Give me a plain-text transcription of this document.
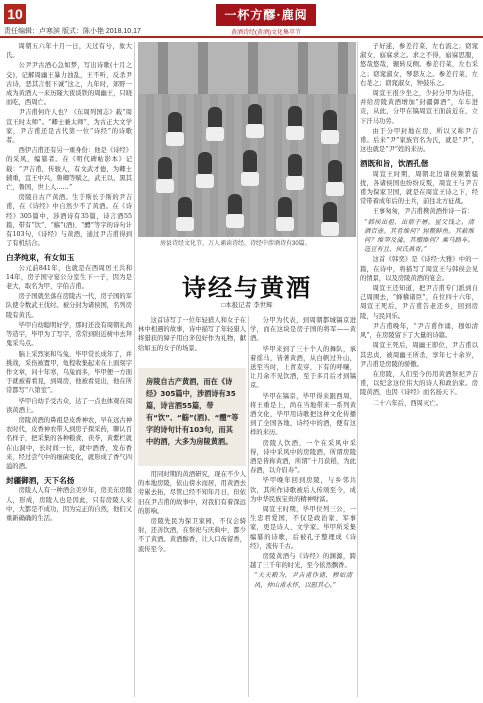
10
责任编辑：卢寒滨 版式：陈小艳 2018.10.17
一杯方醪·鹿阅
黄酒诗经(黄酒)文化集萃节

周朝五六年十月一日，天过有兮，象大氏。

公尹尹古酒心急如梦，写出诗歌(十月之交)，记解周幽王暴力浊乱，王不听，反杀尹古诗，恶其言恨下诚“这之，九年时，郊野一成为黄酒人一来历隆大夜谈铁的周幽王，只晓而吃，西周亡。

尹吉甫何许人也？《东周列国志》载“周宣王时太师”。“卿士兼太师”，为古正大文学家，尹吉甫还是古代第一位“诗经”的诗歌者。

西伊吉甫还有另一重身份：他是《诗经》的采风，编纂者。在《明代碑帖影本》记载：“尹吉甫，传骏人，有文武才德，为卿士辅重，宣王中兴，鲁卿等赋之，武王以，黑其亡，鲁国，世上人……”

房陵自古产黄酒。生于斯长于斯的尹吉甫，在《诗经》中自然少不了黄酒。在《诗经》305篇中，涉酒诗有35篇，诗言酒55篇，带有“饮”、“觞”(酒)、“醴”等字的诗句计有103句，《诗经》与黄酒，通过尹吉甫得到了有机结合。

白茅纯束，有女如玉

公元前841年，也就是在西周厉王共和14年，房子国守宴公分室生下一子，因为是老大，取名为甲，字伯吉甫。

房子国就坐落在房陵古一代，房子国的军队使令数武王伐纣。被分封为诸侯国，名列房陵有黄氏。

毕甲自幼聪明好学，那时还没有周朝礼尚等造字，毕甲为了写字，常常到附近树中去拜鬼采鸟点。

脑上采烈案和鸟兔，毕甲常长成年了，并挑战，采伤被置甲，龟程收集起来在上面刻字作文章，问十年寒，乌兔而多，毕甲便一方面于就被着看見，到周房，他被看見出，他在所常都写“八第室”。

毕甲自幼手受古众，达了一点也体观在阅读黄酒上。

房陵黄酒的鼻祖是皮香神农，早在远古神农时代，皮香神农带人到房子探采药，聊认百名样子，把采集的各种粮食，茯苓，黄紫栏就在山洞中，长时间一长，就中酒香，发布香来，经过尝气中的细菌变化，就形成了香气四溢的酒。

封疆御酒，天下名扬

房陵人人有一种酒会美岁年，房美东房陵人，形成，房陵人也是因此，只有房陵人来中，大都是不成功，因为完正的自然，他们又重新确确的生活。

房县诗经文化节，万人诵读诗经，诗经中涉酒诗有30篇。
诗经与黄酒
□本报记者 李世辉

这首诗写了一位年轻猎人和女子在林中相遇的故事，诗中描写了年轻猎人将猎获的獐子用白茅包好作为礼物，献给如玉的女子的场景。

房陵自古产黄酒，而在《诗经》305篇中，涉酒诗有35篇，诗言酒55篇，带有“饮”、“觞”(酒)、“醴”等字的诗句计有103句，而其中的酒，大多为房陵黄酒。

用同时期的黄酒研究，现在不少人的本地房陵，依山傍水而居，用黄酒去劳累去拓，尽管已经不知年月日，但依旧在尹吉甫的故事中，对我们有着深远的影响。

房陵先民为保卫家园，不仅会骑射，还善饮酒，在祭祀与庆典中，都少不了黄酒。黄酒醇香，让人口齿留香，流传至今。

分甲为代表，到周朝都城镐京进学，而在这块是房子国的将军——黄酒。

毕甲来到了三十个人的舞队，承着徭马，皆著黄酒，从白帆过升山，送至当时，上青麦穿，下有的呼嚷，让月余不见饮酒，至于多月后才到镐京。

毕甲在镐京，毕甲得来跟西周，将王重是上，尚在当地带来一系列黄酒文化，毕甲用诗歌把这种文化传播到了全国各地，诗经中的酒，便有这样的来历。

房陵人饮酒，一个在采风中采得，诗中采风中的房陵酒，所谓房陵酒是皆称黄酒，所谓“十月获稻，为此春酒，以介眉寿”。

毕甲晚年回到房陵，与乡邻共饮，其所作诗歌被后人传颂至今，成为中华民族宝贵的精神财富。

周宣王时期，毕甲位列三公，一生忠君爱国，不仅是政治家、军事家，更是诗人、文学家。毕甲所采集编纂的诗歌，后被孔子整理成《诗经》，流传千古。

房陵黄酒与《诗经》的渊源，跨越了三千年的时光，至今依然飘香。

“夫天粮为，尹吉甫作诵，穆如清风，仲山甫永怀，以慰其心。”

子好逑，参差荇菜，左右流之；窈窕淑女，寤寐求之。求之不得，寤寐思服，悠哉悠哉，辗转反侧。参差荇菜，左右采之；窈窕淑女，琴瑟友之。参差荇菜，左右芼之；窈窕淑女，钟鼓乐之。

周宣王很少坐之，少封分甲为诗佳，并给房陵黄酒增加“封疆御酒”，车车进贡，从此，分甲在镐周宣王面前近在，立下汗马功劳。

由于分甲封地在房，所以又称尹吉甫。后来“尹”家族官名为氏，就是“尹”，这也就是“尹”姓的来历。

酒既和旨，饮酒孔偕

周宣王时期，周朝北边诸侯频繁骚扰，各诸侯国也纷纷反叛，周宣王与尹吉甫为保家卫国，就是在周宣王诗之下，经常带着成年后的士兵，前往北方征战。

王事匆匆，尹吉甫携黄酒作诗一首：

“韩侯出祖，出宿于屠。显父饯之，清酒百壶。其肴维何？炰鳖鲜鱼。其蔌维何？维笋及蒲。其赠维何？乘马路车。笾豆有且，侯氏燕胥。”

这首《韩奕》是《诗经·大雅》中的一篇，在诗中，将描写了周宣王与韩侯会见的情景，以及房陵黄酒的宴会。

周宣王还知道，把尹吉甫专门派到自己周围去，“蜂稽诸臣”，在位四十六年，周宣王死后，尹吉甫告老还乡，回到房陵，与民同乐。

尹吉甫晚年，“尹吉甫作诵，穆如清风”，在房陵留下了大量的诗篇。

周宣王死后，周幽王即位，尹吉甫以其忠贞，被周幽王所杀，享年七十余岁，尹吉甫是房陵的骄傲。

在房陵，人们至今仍用黄酒祭祀尹吉甫，以纪念这位伟大的诗人和政治家。房陵黄酒，也因《诗经》而名扬天下。

二十六年后，西周灭亡。
